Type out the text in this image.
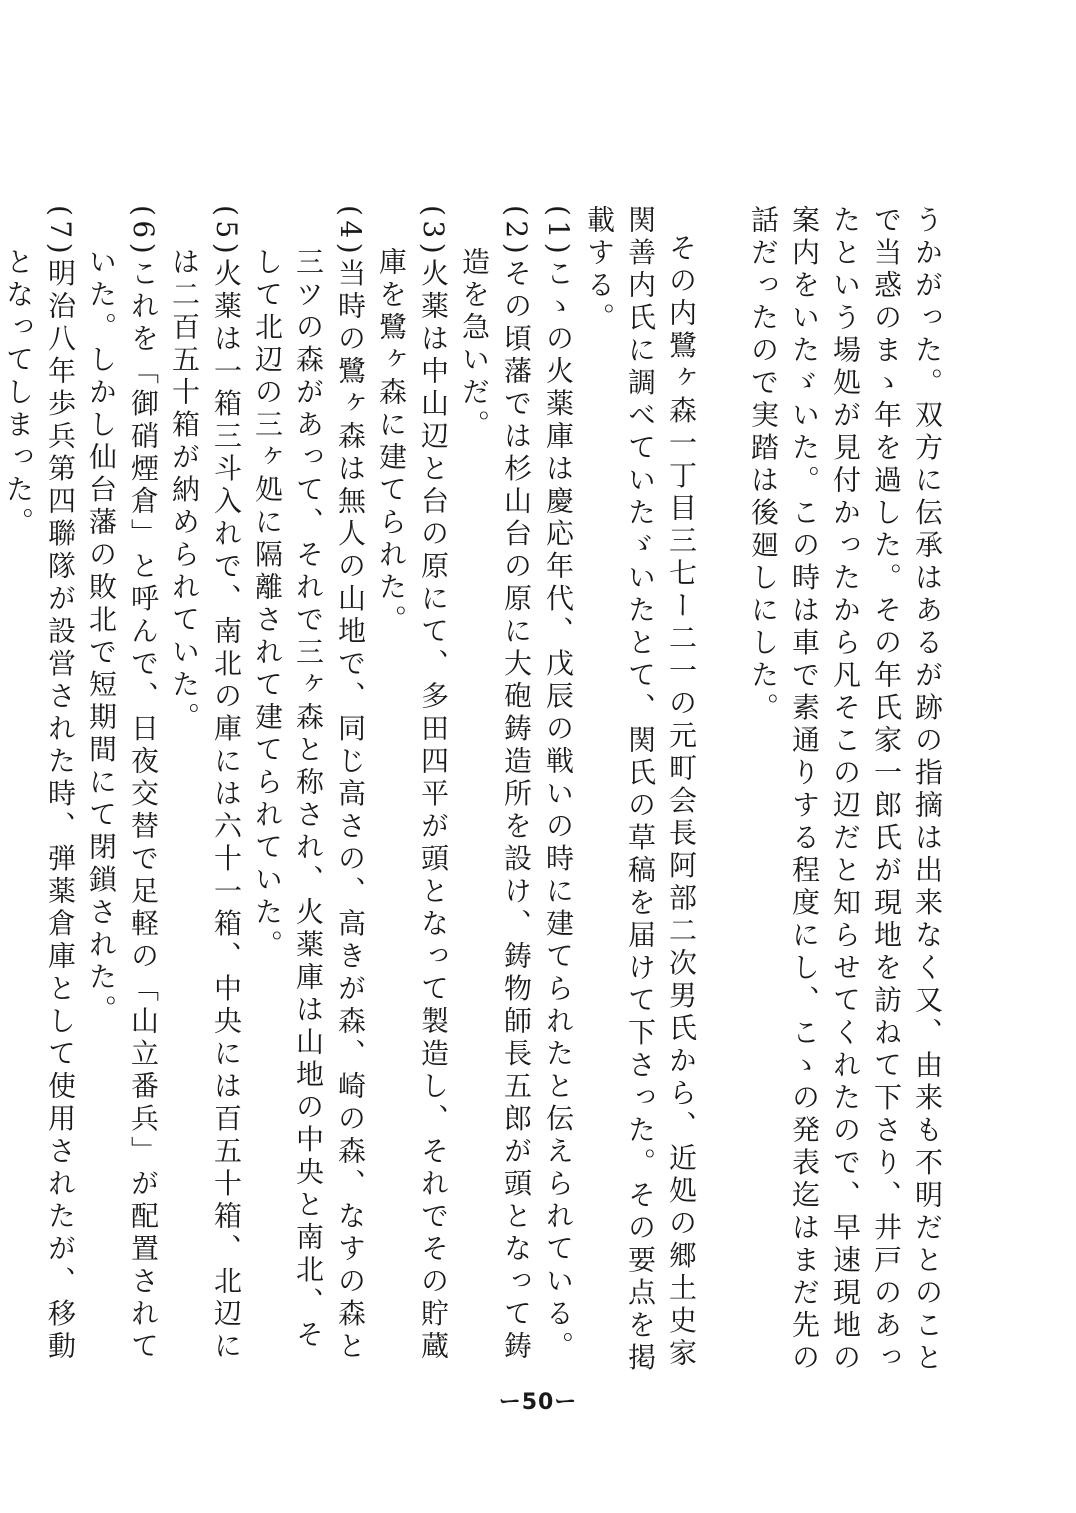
うかがった。双方に伝承はあるが跡の指摘は出来なく又、由来も不明だとのことで当惑のまゝ年を過した。その年氏家一郎氏が現地を訪ねて下さり、井戸のあったという場処が見付かったから凡そこの辺だと知らせてくれたので、早速現地の案内をいたゞいた。この時は車で素通りする程度にし、こゝの発表迄はまだ先の話だったので実踏は後廻しにした。

その内鷺ヶ森一丁目三七ー二一の元町会長阿部二次男氏から、近処の郷土史家関善内氏に調べていたゞいたとて、関氏の草稿を届けて下さった。その要点を掲載する。

(1)こゝの火薬庫は慶応年代、戊辰の戦いの時に建てられたと伝えられている。

(2)その頃藩では杉山台の原に大砲鋳造所を設け、鋳物師長五郎が頭となって鋳造を急いだ。

(3)火薬は中山辺と台の原にて、多田四平が頭となって製造し、それでその貯蔵庫を鷺ヶ森に建てられた。

(4)当時の鷺ヶ森は無人の山地で、同じ高さの、高きが森、崎の森、なすの森と三ツの森があって、それで三ヶ森と称され、火薬庫は山地の中央と南北、そして北辺の三ヶ処に隔離されて建てられていた。

(5)火薬は一箱三斗入れで、南北の庫には六十一箱、中央には百五十箱、北辺には二百五十箱が納められていた。

(6)これを「御硝煙倉」と呼んで、日夜交替で足軽の「山立番兵」が配置されていた。しかし仙台藩の敗北で短期間にて閉鎖された。

(7)明治八年歩兵第四聯隊が設営された時、弾薬倉庫として使用されたが、移動となってしまった。

ー50ー
